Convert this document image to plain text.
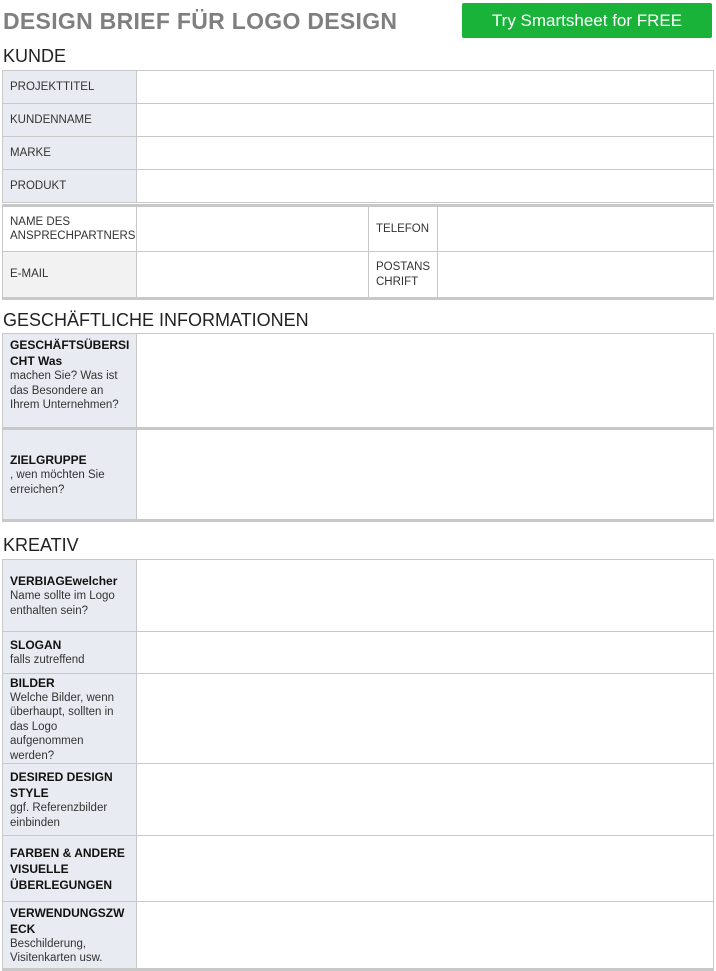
DESIGN BRIEF FÜR LOGO DESIGN	Try Smartsheet for FREE
KUNDE
PROJEKTTITEL	
KUNDENNAME	
MARKE	
PRODUKT	
NAME DES ANSPRECHPARTNERS		TELEFON	
E-MAIL		POSTANS CHRIFT	
GESCHÄFTLICHE INFORMATIONEN
GESCHÄFTSÜBERSI CHT Was
machen Sie? Was ist das Besondere an Ihrem Unternehmen?

ZIELGRUPPE
, wen möchten Sie erreichen?

KREATIV
VERBIAGEwelcher
Name sollte im Logo enthalten sein?

SLOGAN
falls zutreffend

BILDER
Welche Bilder, wenn überhaupt, sollten in das Logo aufgenommen werden?

DESIRED DESIGN STYLE
ggf. Referenzbilder einbinden

FARBEN & ANDERE VISUELLE ÜBERLEGUNGEN

VERWENDUNGSZW ECK
Beschilderung, Visitenkarten usw.
